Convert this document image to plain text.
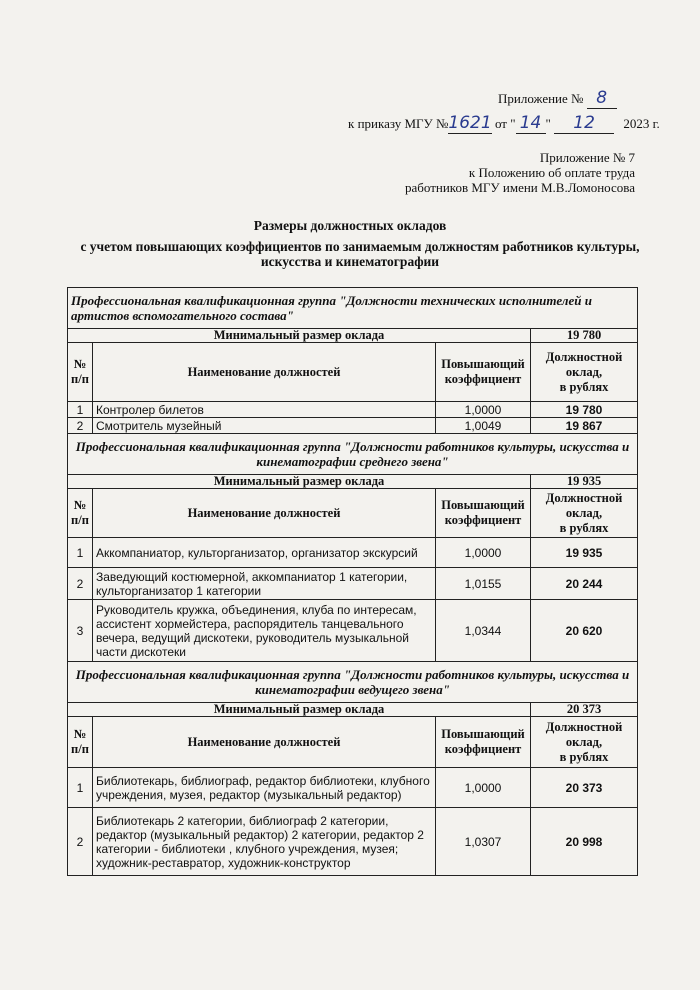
Приложение № 8
к приказу МГУ №1621 от " 14 " 12 2023 г.
Приложение № 7
к Положению об оплате труда
работников МГУ имени М.В.Ломоносова
Размеры должностных окладов
с учетом повышающих коэффициентов по занимаемым должностям работников культуры,
искусства и кинематографии
Профессиональная квалификационная группа "Должности технических исполнителей и артистов вспомогательного состава"			
Минимальный размер оклада			19 780
№ п/п	Наименование должностей	Повышающий коэффициент	Должностной
оклад,
в рублях

1	Контролер билетов	1,0000	19 780
2	Смотритель музейный	1,0049	19 867
Профессиональная квалификационная группа "Должности работников культуры, искусства и кинематографии среднего звена"			
Минимальный размер оклада			19 935
№ п/п	Наименование должностей	Повышающий коэффициент	Должностной
оклад,
в рублях

1	Аккомпаниатор, культорганизатор, организатор экскурсий	1,0000	19 935
2	Заведующий костюмерной, аккомпаниатор 1 категории, культорганизатор 1 категории	1,0155	20 244
3	Руководитель кружка, объединения, клуба по интересам, ассистент хормейстера, распорядитель танцевального вечера, ведущий дискотеки, руководитель музыкальной части дискотеки	1,0344	20 620
Профессиональная квалификационная группа "Должности работников культуры, искусства и кинематографии ведущего звена"			
Минимальный размер оклада			20 373
№ п/п	Наименование должностей	Повышающий коэффициент	Должностной
оклад,
в рублях

1	Библиотекарь, библиограф, редактор библиотеки, клубного учреждения, музея, редактор (музыкальный редактор)	1,0000	20 373
2	Библиотекарь 2 категории, библиограф 2 категории, редактор (музыкальный редактор) 2 категории, редактор 2 категории - библиотеки , клубного учреждения, музея; художник-реставратор, художник-конструктор	1,0307	20 998
